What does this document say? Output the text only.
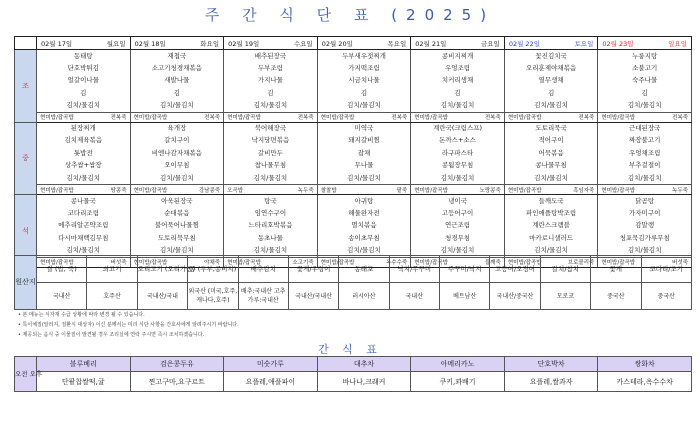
주 간 식 단 표 (2025)

	02월 17일 월요일	02월 18일 화요일	02월 19일 수요일	02월 20일 목요일	02월 21일 금요일	02월 22일 토요일	02월 23일 일요일

조	동태탕	재첩국	배추된장국	두부새우젓찌개	콩비지찌개	꽃진김치국	누룽지탕
	단호박튀김	소고기청경채볶음	두부조림	가지떡조림	우엉조림	오리훈제야채볶음	소불고기
	얼갈이나물	새발나물	가지나물	시금치나물	치커리생채	열무생채	숙주나물
	김	김	김	김	김	김	김
	김치/물김치	김치/물김치	김치/물김치	김치/물김치	김치/물김치	김치/물김치	김치/물김치

	현미밥/잡곡밥 전복죽	현미밥/잡곡밥 전복죽	현미밥/잡곡밥 전복죽	현미밥/잡곡밥 전복죽	현미밥/잡곡밥 전복죽	현미밥/잡곡밥 전복죽	현미밥/잡곡밥 전복죽

중	된장찌개	육개장	북어해장국	미역국	계란국(크림스프)	도토리묵국	근대된장국
	김치제육볶음	갈치구이	낙지당면볶음	돼지갈비찜	돈까스+소스	적어구이	짜장불고기
	톳밥전	비엔나감자채볶음	갈비만두	잡채	라구파스타	어묵볶음	우엉채조림
	상추쌈+쌈장	오이무침	참나물무침	무나물	콩됨장무침	콩나물무침	부추겉절이
	김치/물김치	김치/물김치	김치/물김치	김치/물김치	김치/물김치	김치/물김치	김치/물김치

	현미밥/잡곡밥 땅콩죽	현미밥/잡곡밥 강남콩죽	오곡밥 녹두죽	찰찰밥 팥죽	현미밥/잡곡밥 노랑콩죽	현미밥/잡곡밥 흑임자죽	현미밥/잡곡밥 녹두죽

석	콩나물국	아욱된장국	탕국	아귀탕	냉이국	들깨도국	닭곰탕
	코다리조림	순대볶음	임연수구이	해물완자전	고등어구이	파인애플탕박조림	가자미구이
	메추리알곤약조림	불어묵어나물찜	느타리호박볶음	멸치볶음	연근조림	계란스크램블	감말랭
	다시마채백김무침	도토리묵무침	동초나물	송이초무침	청경무침	마카로니샐러드	청포묵김가루무침
	김치/물김치	김치/물김치	김치/물김치	김치/물김치	김치/물김치	김치/물김치	김치/물김치

	현미밥/잡곡밥 버섯죽	현미밥/잡곡밥 야채죽	현미밥/잡곡밥 소고기죽	현미밥/잡곡밥 옥수수죽	현미밥/잡곡밥 들깨죽	현미밥/잡곡밥 브로콜리죽	현미밥/잡곡밥 버섯죽
원산지	쌀 (밥, 죽)	쇠고기	오리고기 (오리가공)	콩 (두부,콩비지)	배추김치	꽃게/우렁이	동태포	낙지/쭈꾸미	주꾸미/낙지	고등어/오징어	갈치/참치	꽃게	코다리/조기
	국내산	호주산	국내산/국내	외국산 (미국,호주,캐나다,호주)	배추:국내산 고추가루:국내산	국내산/국내산	러시아산	국내산	베트남산	국내산/중국산	모로코	중국산	중국산
• 본 메뉴는 식자재 수급 상황에 따라 변경 될 수 있습니다.
• 특이체질(알러지, 질환식 대상자) 이신 분께서는 미리 식단 사항을 간호사에게 알려주시기 바랍니다.
• 제공되는 음식 중 이물질이 발견될 경우 조리실에 연락 주시면 즉시 조치하겠습니다.
간 식 표
오전 오후	블루베리	검은콩두유	미숫가루	대추차	아메리카노	단호박차	쌍화차
	단팥찹쌀떡,귤	찐고구마,요구르트	요플레,애플파이	바나나,크래커	쿠키,꽈배기	요플레,쌀과자	카스테라,옥수수차
